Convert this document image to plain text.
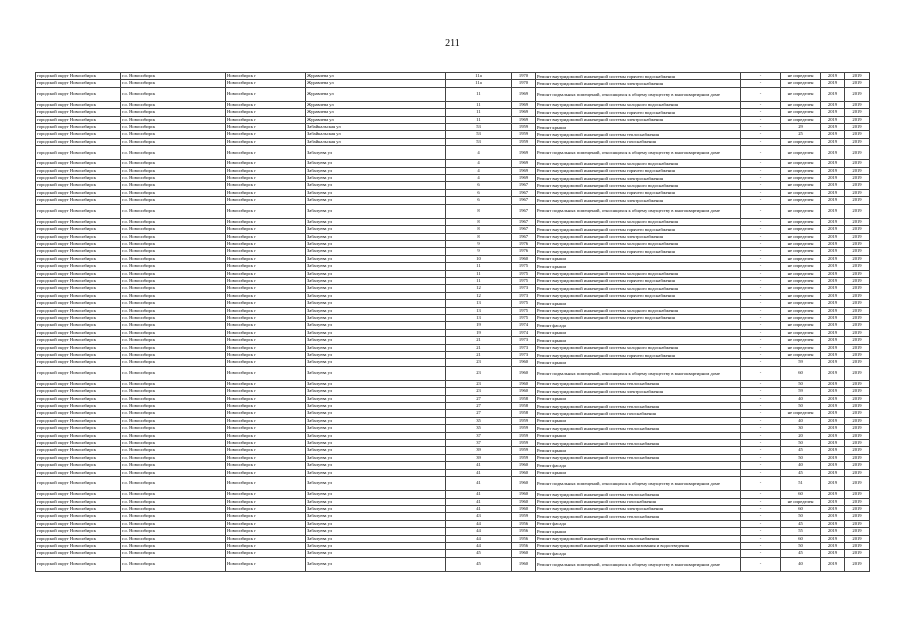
211
городской округ Новосибирск	г.о. Новосибирск	Новосибирск г	Журавлева ул	11а	1970	Ремонт внутридомовой инженерной системы горячего водоснабжения	-	не определен	2019	2019
городской округ Новосибирск	г.о. Новосибирск	Новосибирск г	Журавлева ул	11а	1970	Ремонт внутридомовой инженерной системы электроснабжения	-	не определен	2019	2019
городской округ Новосибирск	г.о. Новосибирск	Новосибирск г	Журавлева ул	11	1969	Ремонт подвальных помещений, относящихся к общему имуществу в многоквартирном доме	-	не определен	2019	2019
городской округ Новосибирск	г.о. Новосибирск	Новосибирск г	Журавлева ул	11	1969	Ремонт внутридомовой инженерной системы холодного водоснабжения	-	не определен	2019	2019
городской округ Новосибирск	г.о. Новосибирск	Новосибирск г	Журавлева ул	11	1969	Ремонт внутридомовой инженерной системы горячего водоснабжения	-	не определен	2019	2019
городской округ Новосибирск	г.о. Новосибирск	Новосибирск г	Журавлева ул	11	1969	Ремонт внутридомовой инженерной системы электроснабжения	-	не определен	2019	2019
городской округ Новосибирск	г.о. Новосибирск	Новосибирск г	Забайкальская ул	53	1959	Ремонт крыши	-	29	2019	2019
городской округ Новосибирск	г.о. Новосибирск	Новосибирск г	Забайкальская ул	53	1959	Ремонт внутридомовой инженерной системы теплоснабжения	-	25	2019	2019
городской округ Новосибирск	г.о. Новосибирск	Новосибирск г	Забайкальская ул	53	1959	Ремонт внутридомовой инженерной системы газоснабжения	-	не определен	2019	2019
городской округ Новосибирск	г.о. Новосибирск	Новосибирск г	Забалуева ул	4	1969	Ремонт подвальных помещений, относящихся к общему имуществу в многоквартирном доме	-	не определен	2019	2019
городской округ Новосибирск	г.о. Новосибирск	Новосибирск г	Забалуева ул	4	1969	Ремонт внутридомовой инженерной системы холодного водоснабжения	-	не определен	2019	2019
городской округ Новосибирск	г.о. Новосибирск	Новосибирск г	Забалуева ул	4	1969	Ремонт внутридомовой инженерной системы горячего водоснабжения	-	не определен	2019	2019
городской округ Новосибирск	г.о. Новосибирск	Новосибирск г	Забалуева ул	4	1969	Ремонт внутридомовой инженерной системы электроснабжения	-	не определен	2019	2019
городской округ Новосибирск	г.о. Новосибирск	Новосибирск г	Забалуева ул	6	1967	Ремонт внутридомовой инженерной системы холодного водоснабжения	-	не определен	2019	2019
городской округ Новосибирск	г.о. Новосибирск	Новосибирск г	Забалуева ул	6	1967	Ремонт внутридомовой инженерной системы горячего водоснабжения	-	не определен	2019	2019
городской округ Новосибирск	г.о. Новосибирск	Новосибирск г	Забалуева ул	6	1967	Ремонт внутридомовой инженерной системы электроснабжения	-	не определен	2019	2019
городской округ Новосибирск	г.о. Новосибирск	Новосибирск г	Забалуева ул	8	1967	Ремонт подвальных помещений, относящихся к общему имуществу в многоквартирном доме	-	не определен	2019	2019
городской округ Новосибирск	г.о. Новосибирск	Новосибирск г	Забалуева ул	8	1967	Ремонт внутридомовой инженерной системы холодного водоснабжения	-	не определен	2019	2019
городской округ Новосибирск	г.о. Новосибирск	Новосибирск г	Забалуева ул	8	1967	Ремонт внутридомовой инженерной системы горячего водоснабжения	-	не определен	2019	2019
городской округ Новосибирск	г.о. Новосибирск	Новосибирск г	Забалуева ул	8	1967	Ремонт внутридомовой инженерной системы электроснабжения	-	не определен	2019	2019
городской округ Новосибирск	г.о. Новосибирск	Новосибирск г	Забалуева ул	9	1976	Ремонт внутридомовой инженерной системы холодного водоснабжения	-	не определен	2019	2019
городской округ Новосибирск	г.о. Новосибирск	Новосибирск г	Забалуева ул	9	1976	Ремонт внутридомовой инженерной системы горячего водоснабжения	-	не определен	2019	2019
городской округ Новосибирск	г.о. Новосибирск	Новосибирск г	Забалуева ул	10	1960	Ремонт крыши	-	не определен	2019	2019
городской округ Новосибирск	г.о. Новосибирск	Новосибирск г	Забалуева ул	11	1975	Ремонт крыши	-	не определен	2019	2019
городской округ Новосибирск	г.о. Новосибирск	Новосибирск г	Забалуева ул	11	1975	Ремонт внутридомовой инженерной системы холодного водоснабжения	-	не определен	2019	2019
городской округ Новосибирск	г.о. Новосибирск	Новосибирск г	Забалуева ул	11	1975	Ремонт внутридомовой инженерной системы горячего водоснабжения	-	не определен	2019	2019
городской округ Новосибирск	г.о. Новосибирск	Новосибирск г	Забалуева ул	12	1973	Ремонт внутридомовой инженерной системы холодного водоснабжения	-	не определен	2019	2019
городской округ Новосибирск	г.о. Новосибирск	Новосибирск г	Забалуева ул	12	1973	Ремонт внутридомовой инженерной системы горячего водоснабжения	-	не определен	2019	2019
городской округ Новосибирск	г.о. Новосибирск	Новосибирск г	Забалуева ул	13	1975	Ремонт крыши	-	не определен	2019	2019
городской округ Новосибирск	г.о. Новосибирск	Новосибирск г	Забалуева ул	13	1975	Ремонт внутридомовой инженерной системы холодного водоснабжения	-	не определен	2019	2019
городской округ Новосибирск	г.о. Новосибирск	Новосибирск г	Забалуева ул	13	1975	Ремонт внутридомовой инженерной системы горячего водоснабжения	-	не определен	2019	2019
городской округ Новосибирск	г.о. Новосибирск	Новосибирск г	Забалуева ул	19	1974	Ремонт фасада	-	не определен	2019	2019
городской округ Новосибирск	г.о. Новосибирск	Новосибирск г	Забалуева ул	19	1974	Ремонт крыши	-	не определен	2019	2019
городской округ Новосибирск	г.о. Новосибирск	Новосибирск г	Забалуева ул	21	1973	Ремонт крыши	-	не определен	2019	2019
городской округ Новосибирск	г.о. Новосибирск	Новосибирск г	Забалуева ул	21	1973	Ремонт внутридомовой инженерной системы холодного водоснабжения	-	не определен	2019	2019
городской округ Новосибирск	г.о. Новосибирск	Новосибирск г	Забалуева ул	21	1973	Ремонт внутридомовой инженерной системы горячего водоснабжения	-	не определен	2019	2019
городской округ Новосибирск	г.о. Новосибирск	Новосибирск г	Забалуева ул	23	1960	Ремонт крыши	-	59	2019	2019
городской округ Новосибирск	г.о. Новосибирск	Новосибирск г	Забалуева ул	23	1960	Ремонт подвальных помещений, относящихся к общему имуществу в многоквартирном доме	-	60	2019	2019
городской округ Новосибирск	г.о. Новосибирск	Новосибирск г	Забалуева ул	23	1960	Ремонт внутридомовой инженерной системы теплоснабжения	-	50	2019	2019
городской округ Новосибирск	г.о. Новосибирск	Новосибирск г	Забалуева ул	23	1960	Ремонт внутридомовой инженерной системы электроснабжения	-	59	2019	2019
городской округ Новосибирск	г.о. Новосибирск	Новосибирск г	Забалуева ул	27	1958	Ремонт крыши	-	40	2019	2019
городской округ Новосибирск	г.о. Новосибирск	Новосибирск г	Забалуева ул	27	1958	Ремонт внутридомовой инженерной системы теплоснабжения	-	50	2019	2019
городской округ Новосибирск	г.о. Новосибирск	Новосибирск г	Забалуева ул	27	1958	Ремонт внутридомовой инженерной системы газоснабжения	-	не определен	2019	2019
городской округ Новосибирск	г.о. Новосибирск	Новосибирск г	Забалуева ул	35	1959	Ремонт крыши	-	40	2019	2019
городской округ Новосибирск	г.о. Новосибирск	Новосибирск г	Забалуева ул	35	1959	Ремонт внутридомовой инженерной системы теплоснабжения	-	30	2019	2019
городской округ Новосибирск	г.о. Новосибирск	Новосибирск г	Забалуева ул	37	1959	Ремонт крыши	-	20	2019	2019
городской округ Новосибирск	г.о. Новосибирск	Новосибирск г	Забалуева ул	37	1959	Ремонт внутридомовой инженерной системы теплоснабжения	-	50	2019	2019
городской округ Новосибирск	г.о. Новосибирск	Новосибирск г	Забалуева ул	39	1959	Ремонт крыши	-	45	2019	2019
городской округ Новосибирск	г.о. Новосибирск	Новосибирск г	Забалуева ул	39	1959	Ремонт внутридомовой инженерной системы теплоснабжения	-	50	2019	2019
городской округ Новосибирск	г.о. Новосибирск	Новосибирск г	Забалуева ул	41	1960	Ремонт фасада	-	40	2019	2019
городской округ Новосибирск	г.о. Новосибирск	Новосибирск г	Забалуева ул	41	1960	Ремонт крыши	-	45	2019	2019
городской округ Новосибирск	г.о. Новосибирск	Новосибирск г	Забалуева ул	41	1960	Ремонт подвальных помещений, относящихся к общему имуществу в многоквартирном доме	-	51	2019	2019
городской округ Новосибирск	г.о. Новосибирск	Новосибирск г	Забалуева ул	41	1960	Ремонт внутридомовой инженерной системы теплоснабжения	-	60	2019	2019
городской округ Новосибирск	г.о. Новосибирск	Новосибирск г	Забалуева ул	41	1960	Ремонт внутридомовой инженерной системы газоснабжения	-	не определен	2019	2019
городской округ Новосибирск	г.о. Новосибирск	Новосибирск г	Забалуева ул	41	1960	Ремонт внутридомовой инженерной системы электроснабжения	-	60	2019	2019
городской округ Новосибирск	г.о. Новосибирск	Новосибирск г	Забалуева ул	43	1959	Ремонт внутридомовой инженерной системы теплоснабжения	-	50	2019	2019
городской округ Новосибирск	г.о. Новосибирск	Новосибирск г	Забалуева ул	44	1956	Ремонт фасада	-	45	2019	2019
городской округ Новосибирск	г.о. Новосибирск	Новосибирск г	Забалуева ул	44	1956	Ремонт крыши	-	55	2019	2019
городской округ Новосибирск	г.о. Новосибирск	Новосибирск г	Забалуева ул	44	1956	Ремонт внутридомовой инженерной системы теплоснабжения	-	60	2019	2019
городской округ Новосибирск	г.о. Новосибирск	Новосибирск г	Забалуева ул	44	1956	Ремонт внутридомовой инженерной системы канализования и водоотведения	-	50	2019	2019
городской округ Новосибирск	г.о. Новосибирск	Новосибирск г	Забалуева ул	45	1960	Ремонт фасада	-	45	2019	2019
городской округ Новосибирск	г.о. Новосибирск	Новосибирск г	Забалуева ул	45	1960	Ремонт подвальных помещений, относящихся к общему имуществу в многоквартирном доме	-	40	2019	2019
